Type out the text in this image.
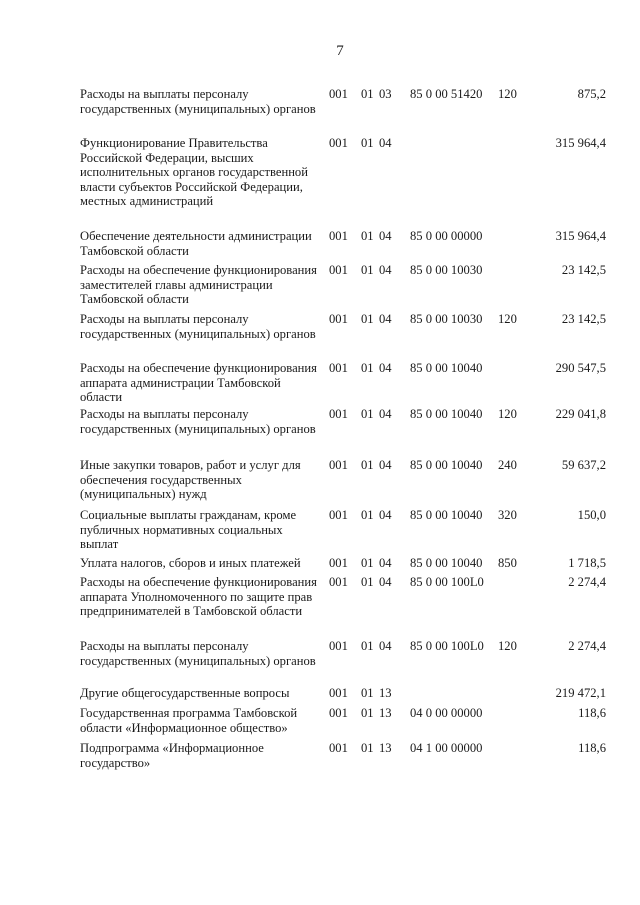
7
Расходы на выплаты персоналу государственных (муниципальных) органов
001 01 03 85 0 00 51420 120	875,2
Функционирование Правительства Российской Федерации, высших исполнительных органов государственной власти субъектов Российской Федерации, местных администраций
001 01 04	315 964,4
Обеспечение деятельности администрации Тамбовской области
001 01 04 85 0 00 00000	315 964,4
Расходы на обеспечение функционирования заместителей главы администрации Тамбовской области
001 01 04 85 0 00 10030	23 142,5
Расходы на выплаты персоналу государственных (муниципальных) органов
001 01 04 85 0 00 10030 120	23 142,5
Расходы на обеспечение функционирования аппарата администрации Тамбовской области
001 01 04 85 0 00 10040	290 547,5
Расходы на выплаты персоналу государственных (муниципальных) органов
001 01 04 85 0 00 10040 120	229 041,8
Иные закупки товаров, работ и услуг для обеспечения государственных (муниципальных) нужд
001 01 04 85 0 00 10040 240	59 637,2
Социальные выплаты гражданам, кроме публичных нормативных социальных выплат
001 01 04 85 0 00 10040 320	150,0
Уплата налогов, сборов и иных платежей	001 01 04 85 0 00 10040 850	1 718,5
Расходы на обеспечение функционирования аппарата Уполномоченного по защите прав предпринимателей в Тамбовской области
001 01 04 85 0 00 100L0	2 274,4
Расходы на выплаты персоналу государственных (муниципальных) органов
001 01 04 85 0 00 100L0 120	2 274,4
Другие общегосударственные вопросы	001 01 13	219 472,1
Государственная программа Тамбовской области «Информационное общество»
001 01 13 04 0 00 00000	118,6
Подпрограмма «Информационное государство»
001 01 13 04 1 00 00000	118,6
